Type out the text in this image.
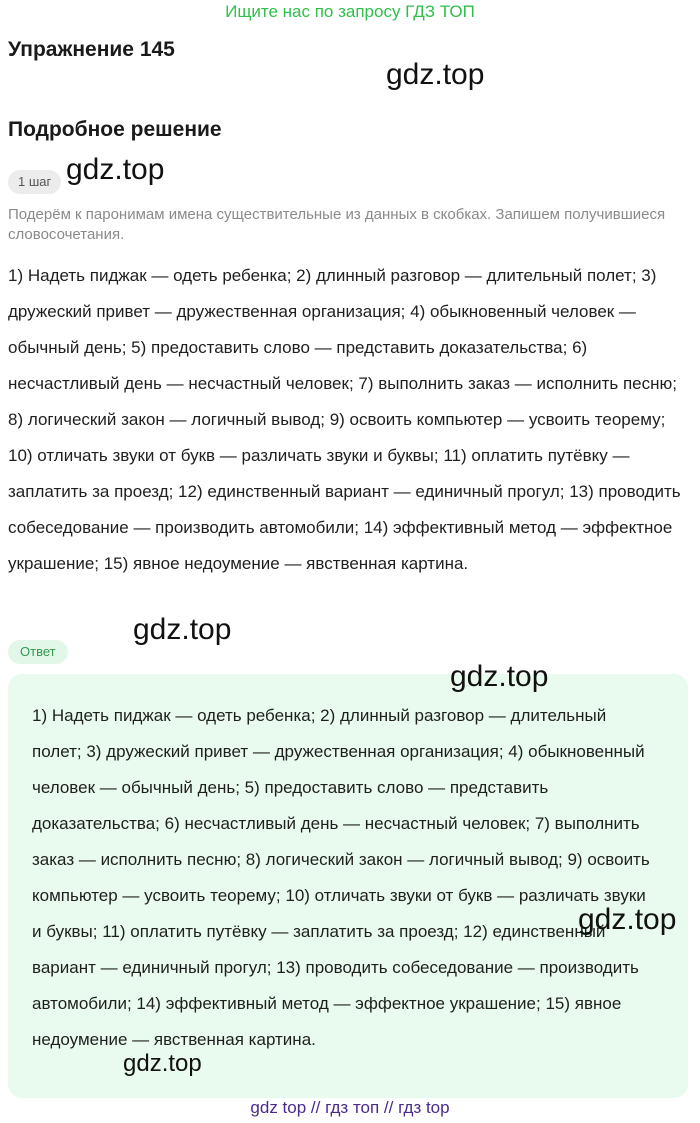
Ищите нас по запросу ГДЗ ТОП
Упражнение 145
gdz.top
Подробное решение
1 шаг gdz.top
Подерём к паронимам имена существительные из данных в скобках. Запишем получившиеся словосочетания.
1) Надеть пиджак — одеть ребенка; 2) длинный разговор — длительный полет; 3) дружеский привет — дружественная организация; 4) обыкновенный человек — обычный день; 5) предоставить слово — представить доказательства; 6) несчастливый день — несчастный человек; 7) выполнить заказ — исполнить песню; 8) логический закон — логичный вывод; 9) освоить компьютер — усвоить теорему; 10) отличать звуки от букв — различать звуки и буквы; 11) оплатить путёвку — заплатить за проезд; 12) единственный вариант — единичный прогул; 13) проводить собеседование — производить автомобили; 14) эффективный метод — эффектное украшение; 15) явное недоумение — явственная картина.
gdz.top
Ответ
1) Надеть пиджак — одеть ребенка; 2) длинный разговор — длительный полет; 3) дружеский привет — дружественная организация; 4) обыкновенный человек — обычный день; 5) предоставить слово — представить доказательства; 6) несчастливый день — несчастный человек; 7) выполнить заказ — исполнить песню; 8) логический закон — логичный вывод; 9) освоить компьютер — усвоить теорему; 10) отличать звуки от букв — различать звуки и буквы; 11) оплатить путёвку — заплатить за проезд; 12) единственный вариант — единичный прогул; 13) проводить собеседование — производить автомобили; 14) эффективный метод — эффектное украшение; 15) явное недоумение — явственная картина.
gdz.top
gdz.top
gdz.top
gdz top // гдз топ // гдз top
